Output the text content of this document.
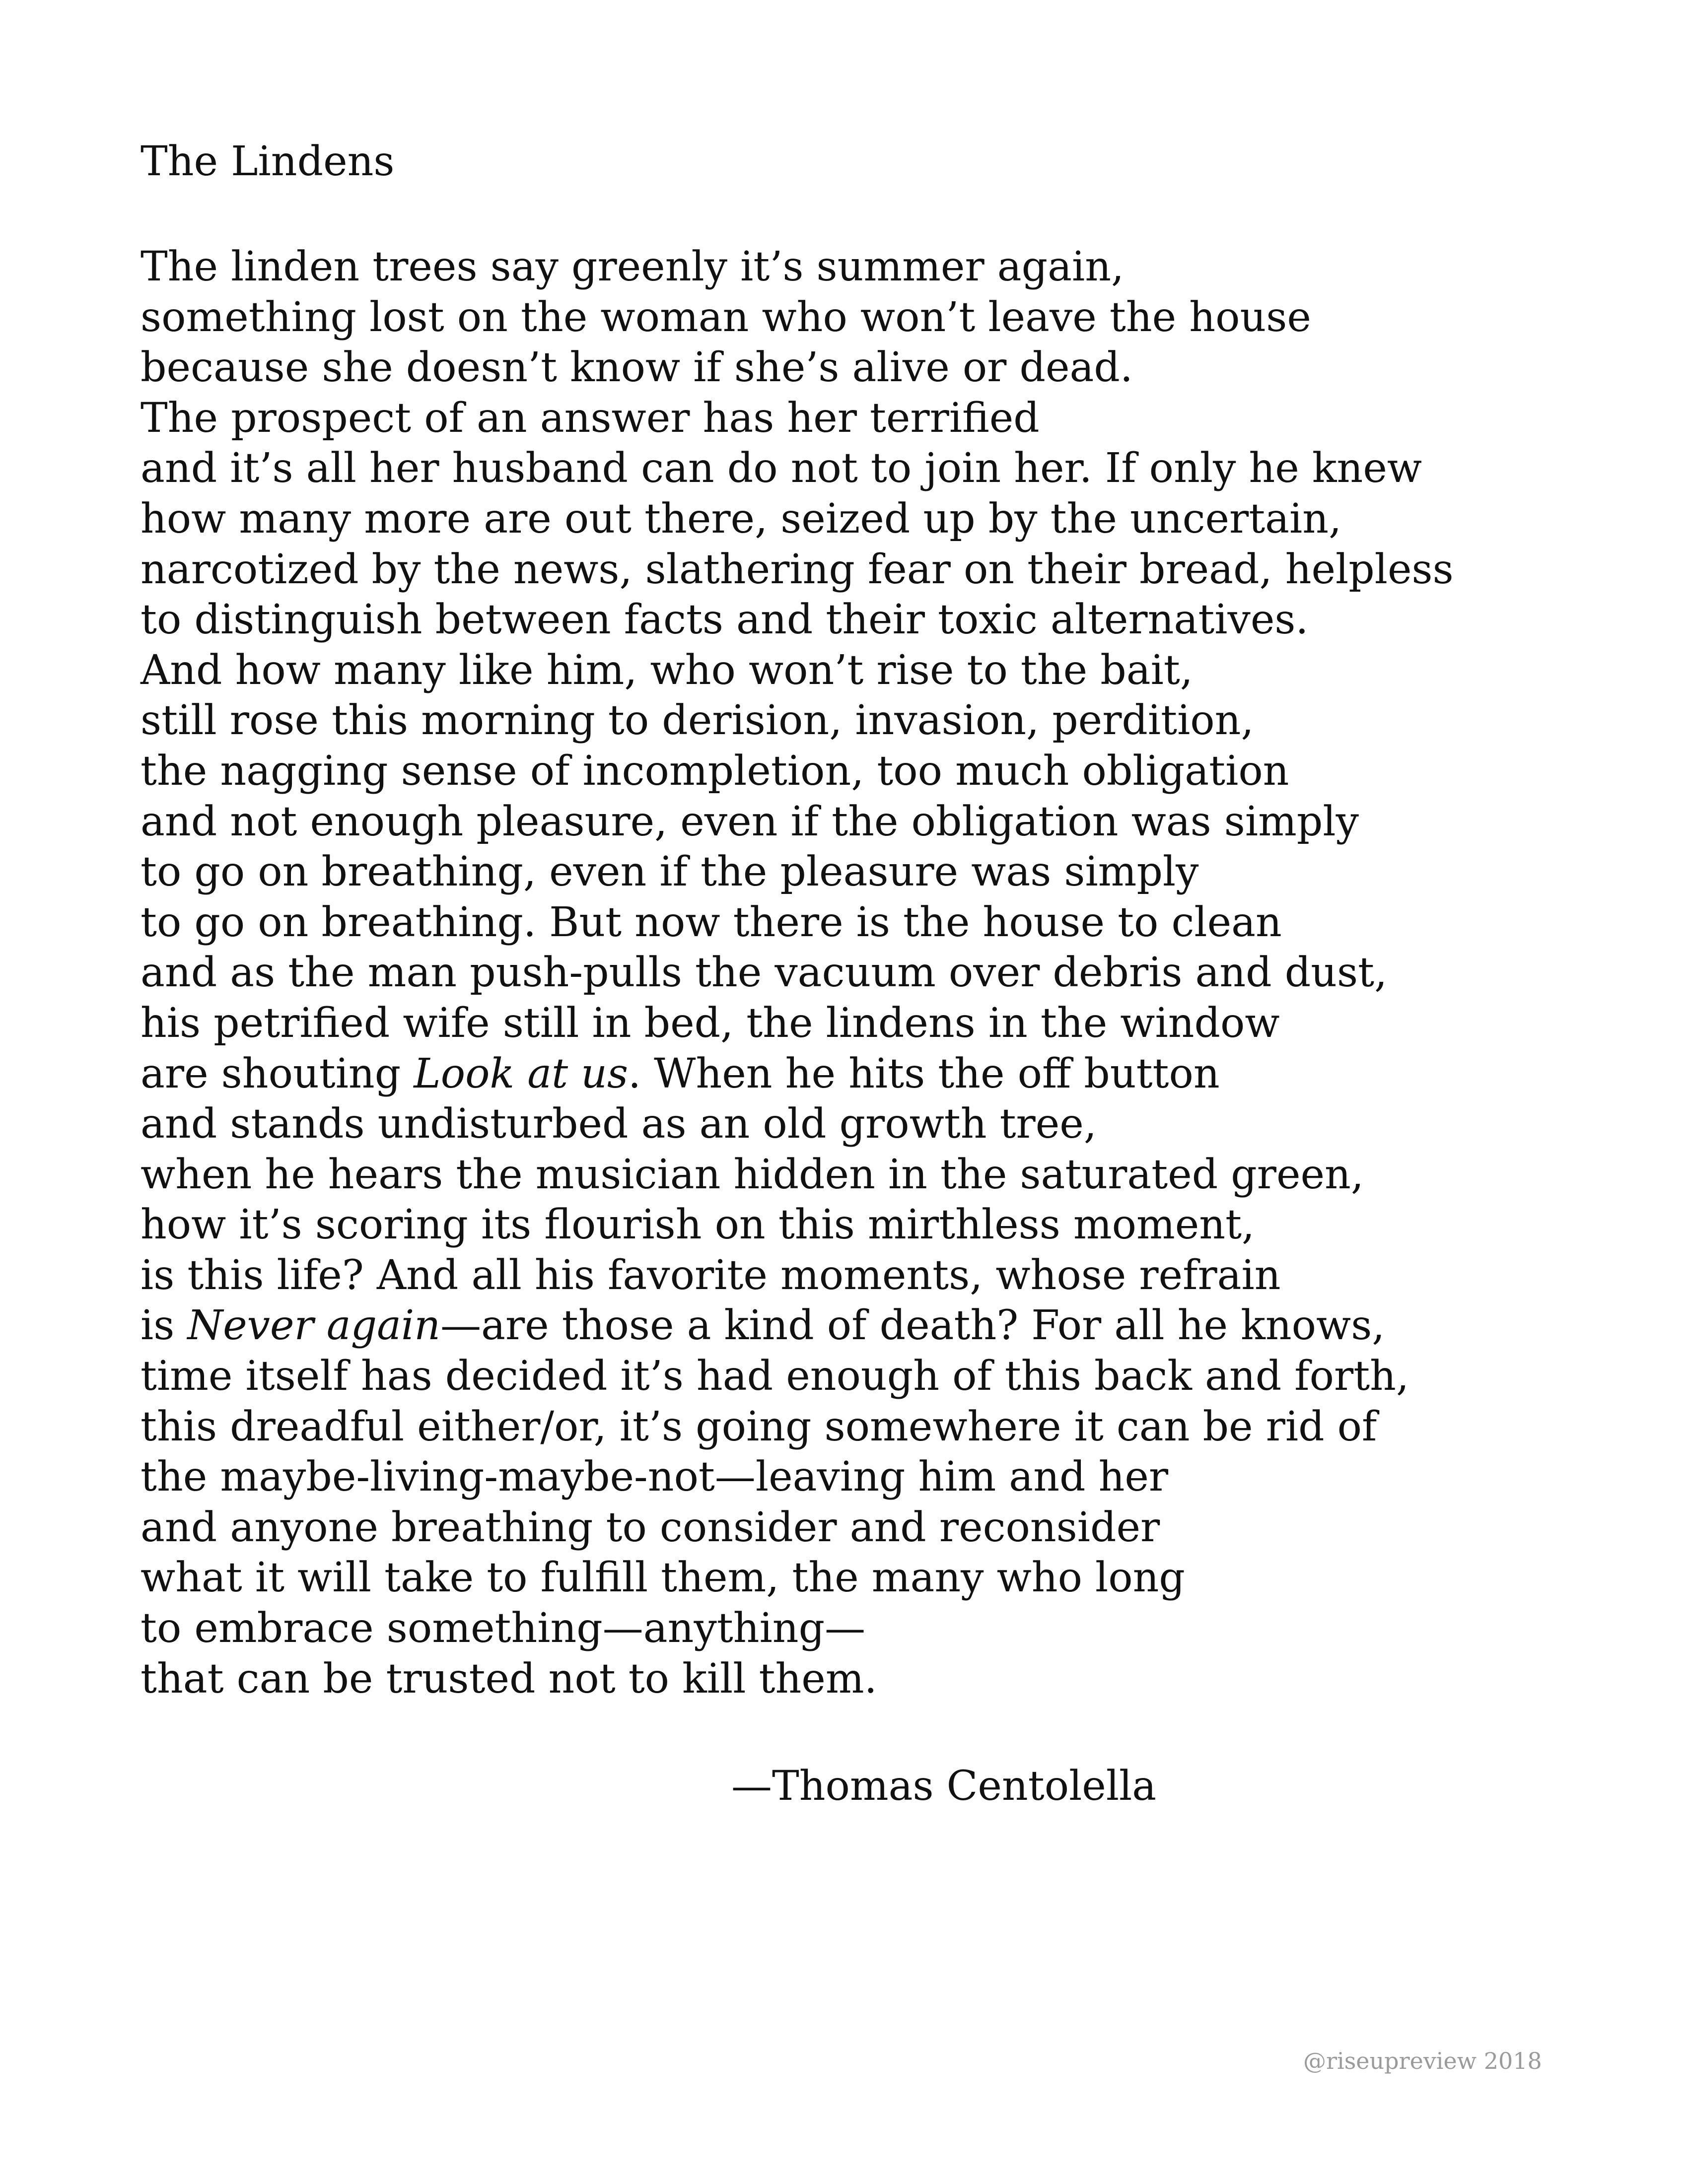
The Lindens
The linden trees say greenly it’s summer again,
something lost on the woman who won’t leave the house
because she doesn’t know if she’s alive or dead.
The prospect of an answer has her terrified
and it’s all her husband can do not to join her. If only he knew
how many more are out there, seized up by the uncertain,
narcotized by the news, slathering fear on their bread, helpless
to distinguish between facts and their toxic alternatives.
And how many like him, who won’t rise to the bait,
still rose this morning to derision, invasion, perdition,
the nagging sense of incompletion, too much obligation
and not enough pleasure, even if the obligation was simply
to go on breathing, even if the pleasure was simply
to go on breathing. But now there is the house to clean
and as the man push-pulls the vacuum over debris and dust,
his petrified wife still in bed, the lindens in the window
are shouting Look at us. When he hits the off button
and stands undisturbed as an old growth tree,
when he hears the musician hidden in the saturated green,
how it’s scoring its flourish on this mirthless moment,
is this life? And all his favorite moments, whose refrain
is Never again—are those a kind of death? For all he knows,
time itself has decided it’s had enough of this back and forth,
this dreadful either/or, it’s going somewhere it can be rid of
the maybe-living-maybe-not—leaving him and her
and anyone breathing to consider and reconsider
what it will take to fulfill them, the many who long
to embrace something—anything—
that can be trusted not to kill them.
—Thomas Centolella
@riseupreview 2018
